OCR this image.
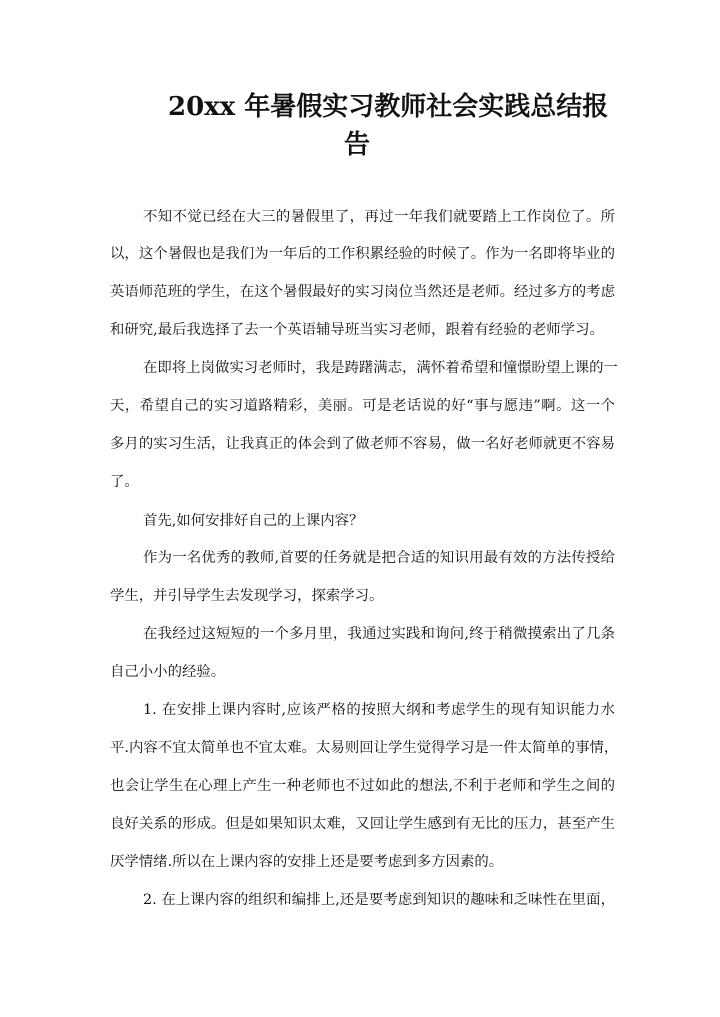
20xx 年暑假实习教师社会实践总结报
告
不知不觉已经在大三的暑假里了，再过一年我们就要踏上工作岗位了。所
以，这个暑假也是我们为一年后的工作积累经验的时候了。作为一名即将毕业的
英语师范班的学生，在这个暑假最好的实习岗位当然还是老师。经过多方的考虑
和研究,最后我选择了去一个英语辅导班当实习老师，跟着有经验的老师学习。
在即将上岗做实习老师时，我是踌躇满志，满怀着希望和憧憬盼望上课的一
天，希望自己的实习道路精彩，美丽。可是老话说的好“事与愿违”啊。这一个
多月的实习生活，让我真正的体会到了做老师不容易，做一名好老师就更不容易
了。
首先,如何安排好自己的上课内容？
作为一名优秀的教师,首要的任务就是把合适的知识用最有效的方法传授给
学生，并引导学生去发现学习，探索学习。
在我经过这短短的一个多月里，我通过实践和询问,终于稍微摸索出了几条
自己小小的经验。
1. 在安排上课内容时,应该严格的按照大纲和考虑学生的现有知识能力水
平.内容不宜太简单也不宜太难。太易则回让学生觉得学习是一件太简单的事情，
也会让学生在心理上产生一种老师也不过如此的想法,不利于老师和学生之间的
良好关系的形成。但是如果知识太难，又回让学生感到有无比的压力，甚至产生
厌学情绪.所以在上课内容的安排上还是要考虑到多方因素的。
2. 在上课内容的组织和编排上,还是要考虑到知识的趣味和乏味性在里面，
